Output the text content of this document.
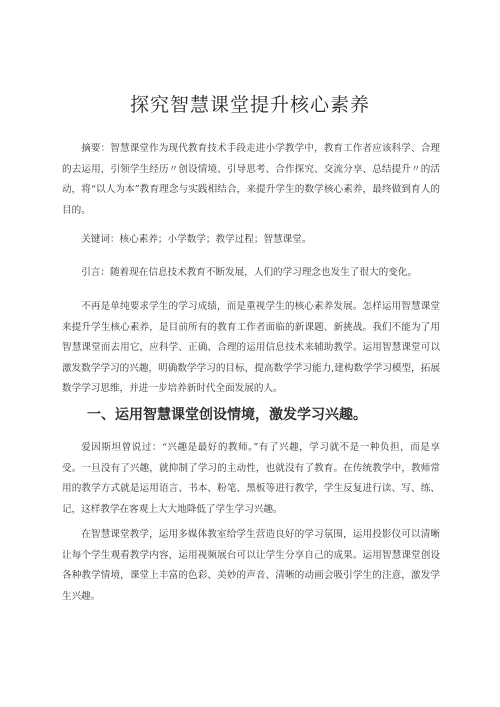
探究智慧课堂提升核心素养

摘要：智慧课堂作为现代教育技术手段走进小学教学中，教育工作者应该科学、合理的去运用，引领学生经历〃创设情境、引导思考、合作探究、交流分享、总结提升〃的活动，将“以人为本”教育理念与实践相结合，来提升学生的数学核心素养，最终做到育人的目的。

关键词：核心素养；小学数学；教学过程；智慧课堂。

引言：随着现在信息技术教育不断发展，人们的学习理念也发生了很大的变化。

不再是单纯要求学生的学习成绩，而是重视学生的核心素养发展。怎样运用智慧课堂来提升学生核心素养，是目前所有的教育工作者面临的新课题、新挑战。我们不能为了用智慧课堂而去用它，应科学、正确、合理的运用信息技术来辅助教学。运用智慧课堂可以激发数学学习的兴趣，明确数学学习的目标，提高数学学习能力,建构数学学习模型，拓展数学学习思维，并进一步培养新时代全面发展的人。

一、运用智慧课堂创设情境，激发学习兴趣。

爱因斯坦曾说过：“兴趣是最好的教师。”有了兴趣，学习就不是一种负担，而是享受。一旦没有了兴趣，就抑制了学习的主动性，也就没有了教育。在传统教学中，教师常用的教学方式就是运用语言、书本、粉笔、黑板等进行教学，学生反复进行读、写、练、记，这样教学在客观上大大地降低了学生学习兴趣。

在智慧课堂教学，运用多媒体教室给学生营造良好的学习氛围，运用投影仪可以清晰让每个学生观看教学内容，运用视频展台可以让学生分享自己的成果。运用智慧课堂创设各种教学情境，课堂上丰富的色彩、美妙的声音、清晰的动画会吸引学生的注意，激发学生兴趣。
